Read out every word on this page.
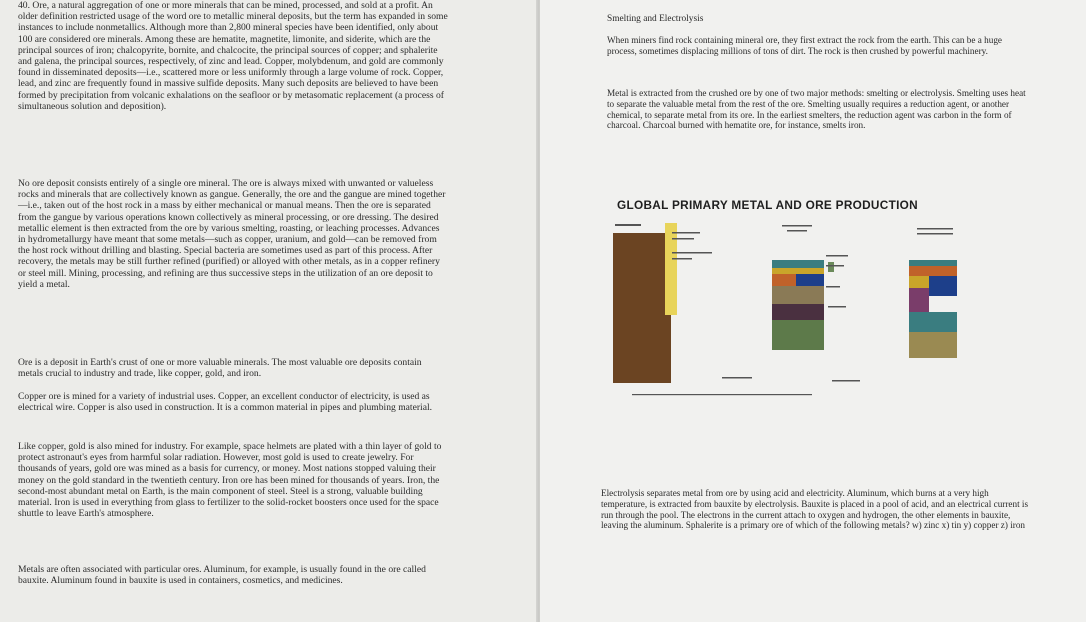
40. Ore, a natural aggregation of one or more minerals that can be mined, processed, and sold at a profit. An older definition restricted usage of the word ore to metallic mineral deposits, but the term has expanded in some instances to include nonmetallics. Although more than 2,800 mineral species have been identified, only about 100 are considered ore minerals. Among these are hematite, magnetite, limonite, and siderite, which are the principal sources of iron; chalcopyrite, bornite, and chalcocite, the principal sources of copper; and sphalerite and galena, the principal sources, respectively, of zinc and lead. Copper, molybdenum, and gold are commonly found in disseminated deposits—i.e., scattered more or less uniformly through a large volume of rock. Copper, lead, and zinc are frequently found in massive sulfide deposits. Many such deposits are believed to have been formed by precipitation from volcanic exhalations on the seafloor or by metasomatic replacement (a process of simultaneous solution and deposition).

No ore deposit consists entirely of a single ore mineral. The ore is always mixed with unwanted or valueless rocks and minerals that are collectively known as gangue. Generally, the ore and the gangue are mined together—i.e., taken out of the host rock in a mass by either mechanical or manual means. Then the ore is separated from the gangue by various operations known collectively as mineral processing, or ore dressing. The desired metallic element is then extracted from the ore by various smelting, roasting, or leaching processes. Advances in hydrometallurgy have meant that some metals—such as copper, uranium, and gold—can be removed from the host rock without drilling and blasting. Special bacteria are sometimes used as part of this process. After recovery, the metals may be still further refined (purified) or alloyed with other metals, as in a copper refinery or steel mill. Mining, processing, and refining are thus successive steps in the utilization of an ore deposit to yield a metal.

Ore is a deposit in Earth's crust of one or more valuable minerals. The most valuable ore deposits contain metals crucial to industry and trade, like copper, gold, and iron.

Copper ore is mined for a variety of industrial uses. Copper, an excellent conductor of electricity, is used as electrical wire. Copper is also used in construction. It is a common material in pipes and plumbing material.

Like copper, gold is also mined for industry. For example, space helmets are plated with a thin layer of gold to protect astronaut's eyes from harmful solar radiation. However, most gold is used to create jewelry. For thousands of years, gold ore was mined as a basis for currency, or money. Most nations stopped valuing their money on the gold standard in the twentieth century. Iron ore has been mined for thousands of years. Iron, the second-most abundant metal on Earth, is the main component of steel. Steel is a strong, valuable building material. Iron is used in everything from glass to fertilizer to the solid-rocket boosters once used for the space shuttle to leave Earth's atmosphere.

Metals are often associated with particular ores. Aluminum, for example, is usually found in the ore called bauxite. Aluminum found in bauxite is used in containers, cosmetics, and medicines.

Smelting and Electrolysis

When miners find rock containing mineral ore, they first extract the rock from the earth. This can be a huge process, sometimes displacing millions of tons of dirt. The rock is then crushed by powerful machinery.

Metal is extracted from the crushed ore by one of two major methods: smelting or electrolysis. Smelting uses heat to separate the valuable metal from the rest of the ore. Smelting usually requires a reduction agent, or another chemical, to separate metal from its ore. In the earliest smelters, the reduction agent was carbon in the form of charcoal. Charcoal burned with hematite ore, for instance, smelts iron.

GLOBAL PRIMARY METAL AND ORE PRODUCTION

Electrolysis separates metal from ore by using acid and electricity. Aluminum, which burns at a very high temperature, is extracted from bauxite by electrolysis. Bauxite is placed in a pool of acid, and an electrical current is run through the pool. The electrons in the current attach to oxygen and hydrogen, the other elements in bauxite, leaving the aluminum. Sphalerite is a primary ore of which of the following metals? w) zinc x) tin y) copper z) iron
